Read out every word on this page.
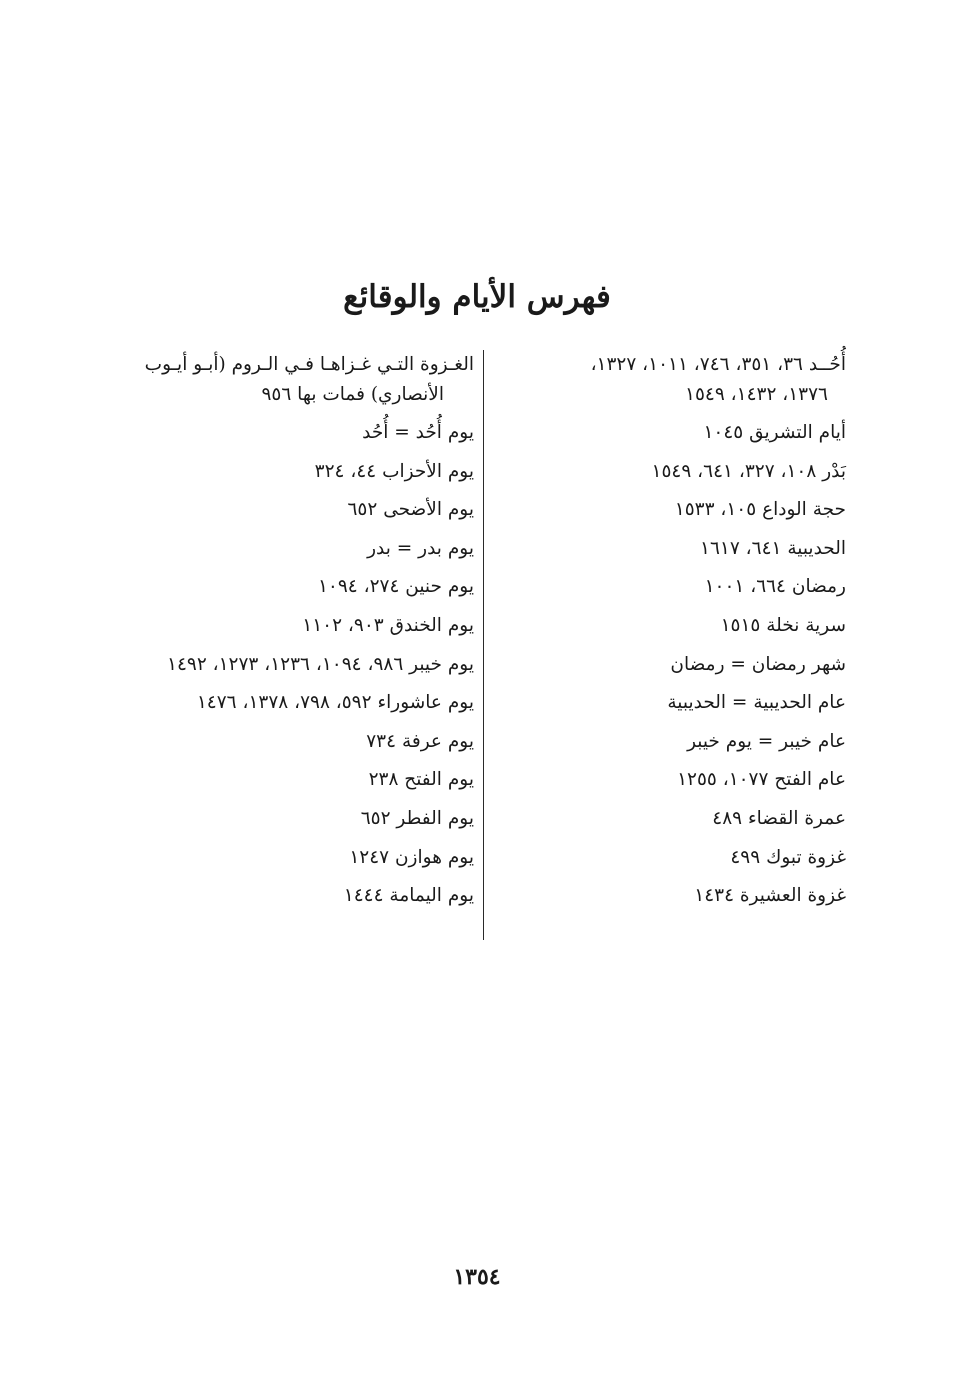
فهرس الأيام والوقائع
أُحُــد ٣٦، ٣٥١، ٧٤٦، ١٠١١، ١٣٢٧،
١٣٧٦، ١٤٣٢، ١٥٤٩
أيام التشريق ١٠٤٥
بَدْر ١٠٨، ٣٢٧، ٦٤١، ١٥٤٩
حجة الوداع ١٠٥، ١٥٣٣
الحديبية ٦٤١، ١٦١٧
رمضان ٦٦٤، ١٠٠١
سرية نخلة ١٥١٥
شهر رمضان = رمضان
عام الحديبية = الحديبية
عام خيبر = يوم خيبر
عام الفتح ١٠٧٧، ١٢٥٥
عمرة القضاء ٤٨٩
غزوة تبوك ٤٩٩
غزوة العشيرة ١٤٣٤
الغـزوة التـي غـزاهـا فـي الـروم (أبـو أيـوب
الأنصاري) فمات بها ٩٥٦
يوم أُحُد = أُحُد
يوم الأحزاب ٤٤، ٣٢٤
يوم الأضحى ٦٥٢
يوم بدر = بدر
يوم حنين ٢٧٤، ١٠٩٤
يوم الخندق ٩٠٣، ١١٠٢
يوم خيبر ٩٨٦، ١٠٩٤، ١٢٣٦، ١٢٧٣، ١٤٩٢
يوم عاشوراء ٥٩٢، ٧٩٨، ١٣٧٨، ١٤٧٦
يوم عرفة ٧٣٤
يوم الفتح ٢٣٨
يوم الفطر ٦٥٢
يوم هوازن ١٢٤٧
يوم اليمامة ١٤٤٤
١٣٥٤
